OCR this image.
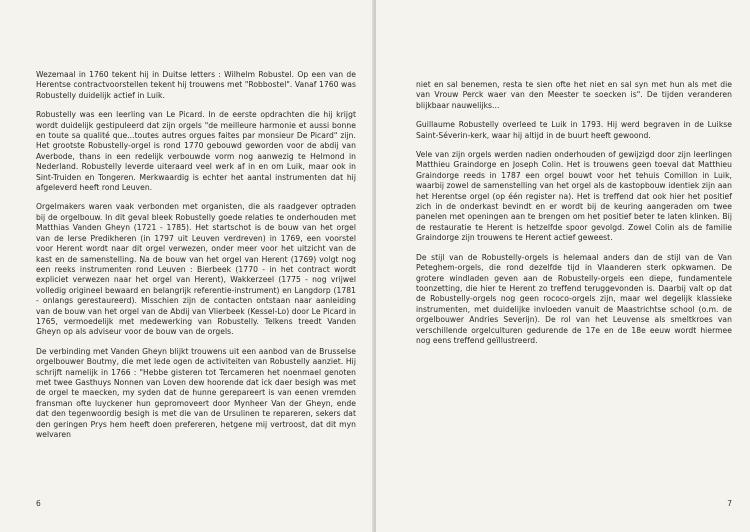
Wezemaal in 1760 tekent hij in Duitse letters : Wilhelm Robustel. Op een van de Herentse contractvoorstellen tekent hij trouwens met "Robbostel". Vanaf 1760 was Robustelly duidelijk actief in Luik.

Robustelly was een leerling van Le Picard. In de eerste opdrachten die hij krijgt wordt duidelijk gestipuleerd dat zijn orgels "de meilleure harmonie et aussi bonne en toute sa qualité que...toutes autres orgues faites par monsieur De Picard" zijn. Het grootste Robustelly-orgel is rond 1770 gebouwd geworden voor de abdij van Averbode, thans in een redelijk verbouwde vorm nog aanwezig te Helmond in Nederland. Robustelly leverde uiteraard veel werk af in en om Luik, maar ook in Sint-Truiden en Tongeren. Merkwaardig is echter het aantal instrumenten dat hij afgeleverd heeft rond Leuven.

Orgelmakers waren vaak verbonden met organisten, die als raadgever optraden bij de orgelbouw. In dit geval bleek Robustelly goede relaties te onderhouden met Matthias Vanden Gheyn (1721 - 1785). Het startschot is de bouw van het orgel van de Ierse Predikheren (in 1797 uit Leuven verdreven) in 1769, een voorstel voor Herent wordt naar dit orgel verwezen, onder meer voor het uitzicht van de kast en de samenstelling. Na de bouw van het orgel van Herent (1769) volgt nog een reeks instrumenten rond Leuven : Bierbeek (1770 - in het contract wordt expliciet verwezen naar het orgel van Herent), Wakkerzeel (1775 - nog vrijwel volledig origineel bewaard en belangrijk referentie-instrument) en Langdorp (1781 - onlangs gerestaureerd). Misschien zijn de contacten ontstaan naar aanleiding van de bouw van het orgel van de Abdij van Vlierbeek (Kessel-Lo) door Le Picard in 1765, vermoedelijk met medewerking van Robustelly. Telkens treedt Vanden Gheyn op als adviseur voor de bouw van de orgels.

De verbinding met Vanden Gheyn blijkt trouwens uit een aanbod van de Brusselse orgelbouwer Boutmy, die met lede ogen de activiteiten van Robustelly aanziet. Hij schrijft namelijk in 1766 : "Hebbe gisteren tot Tercameren het noenmael genoten met twee Gasthuys Nonnen van Loven dew hoorende dat ick daer besigh was met de orgel te maecken, my syden dat de hunne gerepareert is van eenen vremden fransman ofte luyckener hun gepromoveert door Mynheer Van der Gheyn, ende dat den tegenwoordig besigh is met die van de Ursulinen te repareren, sekers dat den geringen Prys hem heeft doen prefereren, hetgene mij vertroost, dat dit myn welvaren

6

niet en sal benemen, resta te sien ofte het niet en sal syn met hun als met die van Vrouw Perck waer van den Meester te soecken is". De tijden veranderen blijkbaar nauwelijks...

Guillaume Robustelly overleed te Luik in 1793. Hij werd begraven in de Luikse Saint-Séverin-kerk, waar hij altijd in de buurt heeft gewoond.

Vele van zijn orgels werden nadien onderhouden of gewijzigd door zijn leerlingen Matthieu Graindorge en Joseph Colin. Het is trouwens geen toeval dat Matthieu Graindorge reeds in 1787 een orgel bouwt voor het tehuis Comillon in Luik, waarbij zowel de samenstelling van het orgel als de kastopbouw identiek zijn aan het Herentse orgel (op één register na). Het is treffend dat ook hier het positief zich in de onderkast bevindt en er wordt bij de keuring aangeraden om twee panelen met openingen aan te brengen om het positief beter te laten klinken. Bij de restauratie te Herent is hetzelfde spoor gevolgd. Zowel Colin als de familie Graindorge zijn trouwens te Herent actief geweest.

De stijl van de Robustelly-orgels is helemaal anders dan de stijl van de Van Peteghem-orgels, die rond dezelfde tijd in Vlaanderen sterk opkwamen. De grotere windladen geven aan de Robustelly-orgels een diepe, fundamentele toonzetting, die hier te Herent zo treffend teruggevonden is. Daarbij valt op dat de Robustelly-orgels nog geen rococo-orgels zijn, maar wel degelijk klassieke instrumenten, met duidelijke invloeden vanuit de Maastrichtse school (o.m. de orgelbouwer Andries Severijn). De rol van het Leuvense als smeltkroes van verschillende orgelculturen gedurende de 17e en de 18e eeuw wordt hiermee nog eens treffend geïllustreerd.

7
